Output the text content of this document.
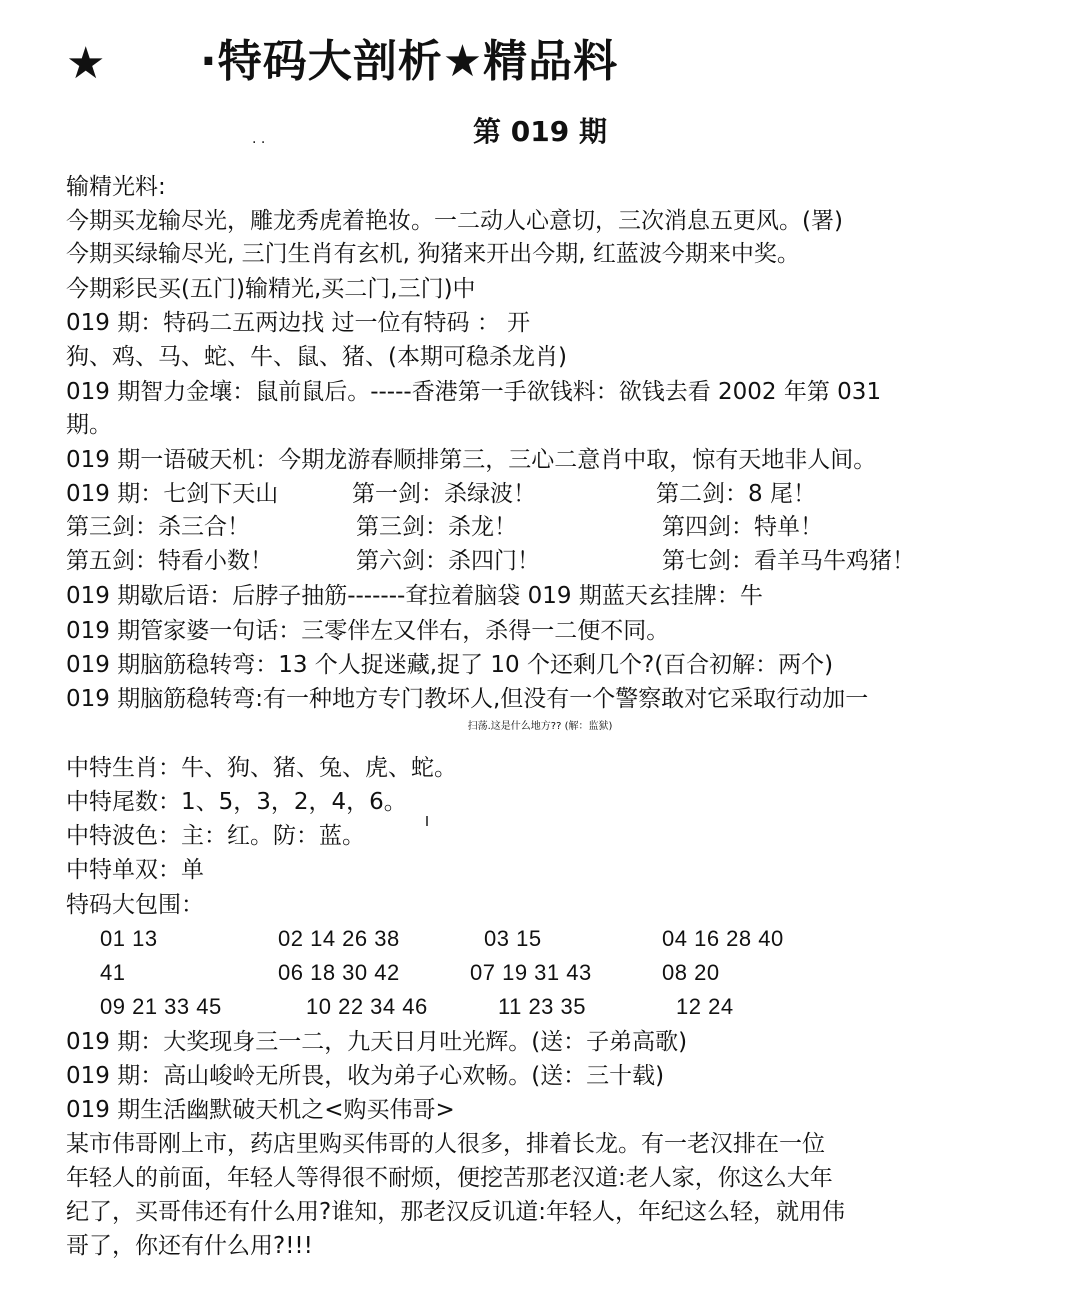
★ ·特码大剖析★精品料
. .	第 019 期
输精光料:
今期买龙输尽光，雕龙秀虎着艳妆。一二动人心意切，三次消息五更风。(署)
今期买绿输尽光, 三门生肖有玄机, 狗猪来开出今期, 红蓝波今期来中奖。
今期彩民买(五门)输精光,买二门,三门)中
019 期：特码二五两边找 过一位有特码 ： 开
狗、鸡、马、蛇、牛、鼠、猪、(本期可稳杀龙肖)
019 期智力金壤：鼠前鼠后。-----香港第一手欲钱料：欲钱去看 2002 年第 031
期。
019 期一语破天机：今期龙游春顺排第三，三心二意肖中取，惊有天地非人间。
019 期：七剑下天山	第一剑：杀绿波！	第二剑：8 尾！
第三剑：杀三合！	第三剑：杀龙！	第四剑：特单！
第五剑：特看小数！	第六剑：杀四门！	第七剑：看羊马牛鸡猪！
019 期歇后语：后脖子抽筋-------耷拉着脑袋 019 期蓝天玄挂牌：牛
019 期管家婆一句话：三零伴左又伴右，杀得一二便不同。
019 期脑筋稳转弯：13 个人捉迷藏,捉了 10 个还剩几个?(百合初解：两个)
019 期脑筋稳转弯:有一种地方专门教坏人,但没有一个警察敢对它采取行动加一
扫荡.这是什么地方?? (解：监狱)
中特生肖：牛、狗、猪、兔、虎、蛇。
中特尾数：1、5，3，2，4，6。
中特波色：主：红。防：蓝。
中特单双：单
特码大包围：
01 13	02 14 26 38	03 15	04 16 28 40
41	06 18 30 42	07 19 31 43	08 20
09 21 33 45	10 22 34 46	11 23 35	12 24
019 期：大奖现身三一二，九天日月吐光辉。(送：子弟高歌)
019 期：高山峻岭无所畏，收为弟子心欢畅。(送：三十载)
019 期生活幽默破天机之<购买伟哥>
某市伟哥刚上市，药店里购买伟哥的人很多，排着长龙。有一老汉排在一位
年轻人的前面，年轻人等得很不耐烦，便挖苦那老汉道:老人家，你这么大年
纪了，买哥伟还有什么用?谁知，那老汉反讥道:年轻人，年纪这么轻，就用伟
哥了，你还有什么用?!!!
